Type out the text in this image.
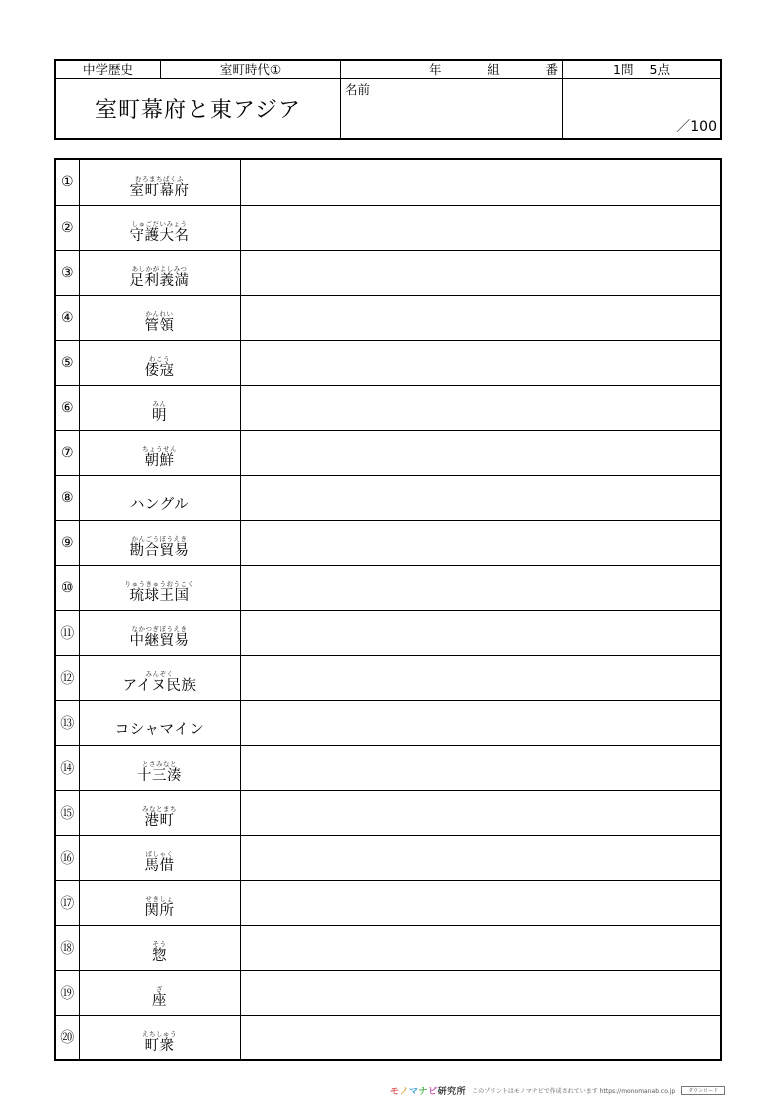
中学歴史	室町時代①	年	組	番	1問 5点
室町幕府と東アジア
名前
／100
①	むろまちばくふ
室町幕府	

②	しゅごだいみょう
守護大名	

③	あしかがよしみつ
足利義満	

④	かんれい
管領	

⑤	わこう
倭寇	

⑥	みん
明	

⑦	ちょうせん
朝鮮	

⑧	ハングル	

⑨	かんごうぼうえき
勘合貿易	

⑩	りゅうきゅうおうこく
琉球王国	

⑪	なかつぎぼうえき
中継貿易	

⑫	みんぞく
アイヌ民族	

⑬	コシャマイン	

⑭	とさみなと
十三湊	

⑮	みなとまち
港町	

⑯	ばしゃく
馬借	

⑰	せきしょ
関所	

⑱	そう
惣	

⑲	ざ
座	

⑳	えちしゅう
町衆	

モ ノ マ ナ ビ 研究所 このプリントはモノマナビで作成されています https://monomanab.co.jp	ダウンロード
